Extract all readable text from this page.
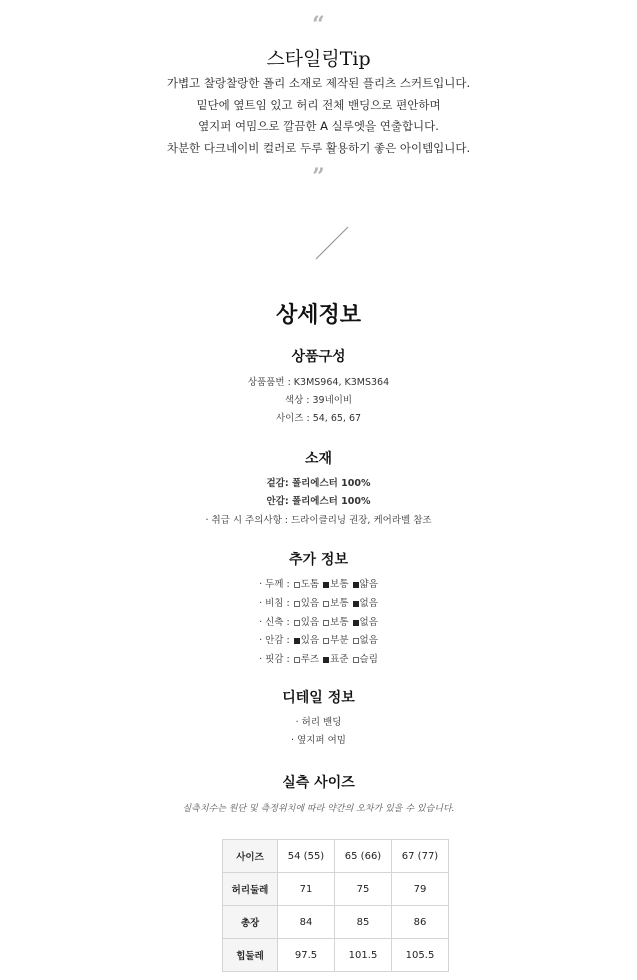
“
스타일링Tip
가볍고 찰랑찰랑한 폴리 소재로 제작된 플리츠 스커트입니다.
밑단에 옆트임 있고 허리 전체 밴딩으로 편안하며
옆지퍼 여밈으로 깔끔한 A 실루엣을 연출합니다.
차분한 다크네이비 컬러로 두루 활용하기 좋은 아이템입니다.
”
상세정보
상품구성
상품품번 : K3MS964, K3MS364
색상 : 39네이비
사이즈 : 54, 65, 67
소재
겉감: 폴리에스터 100%
안감: 폴리에스터 100%
· 취급 시 주의사항 : 드라이클리닝 권장, 케어라벨 참조
추가 정보
· 두께 : 도톰 보통 얇음
· 비침 : 있음 보통 없음
· 신축 : 있음 보통 없음
· 안감 : 있음 부분 없음
· 핏감 : 루즈 표준 슬림
디테일 정보
· 허리 밴딩
· 옆지퍼 여밈
실측 사이즈
실측치수는 원단 및 측정위치에 따라 약간의 오차가 있을 수 있습니다.
사이즈	54 (55)	65 (66)	67 (77)
허리둘레	71	75	79
총장	84	85	86
힙둘레	97.5	101.5	105.5
